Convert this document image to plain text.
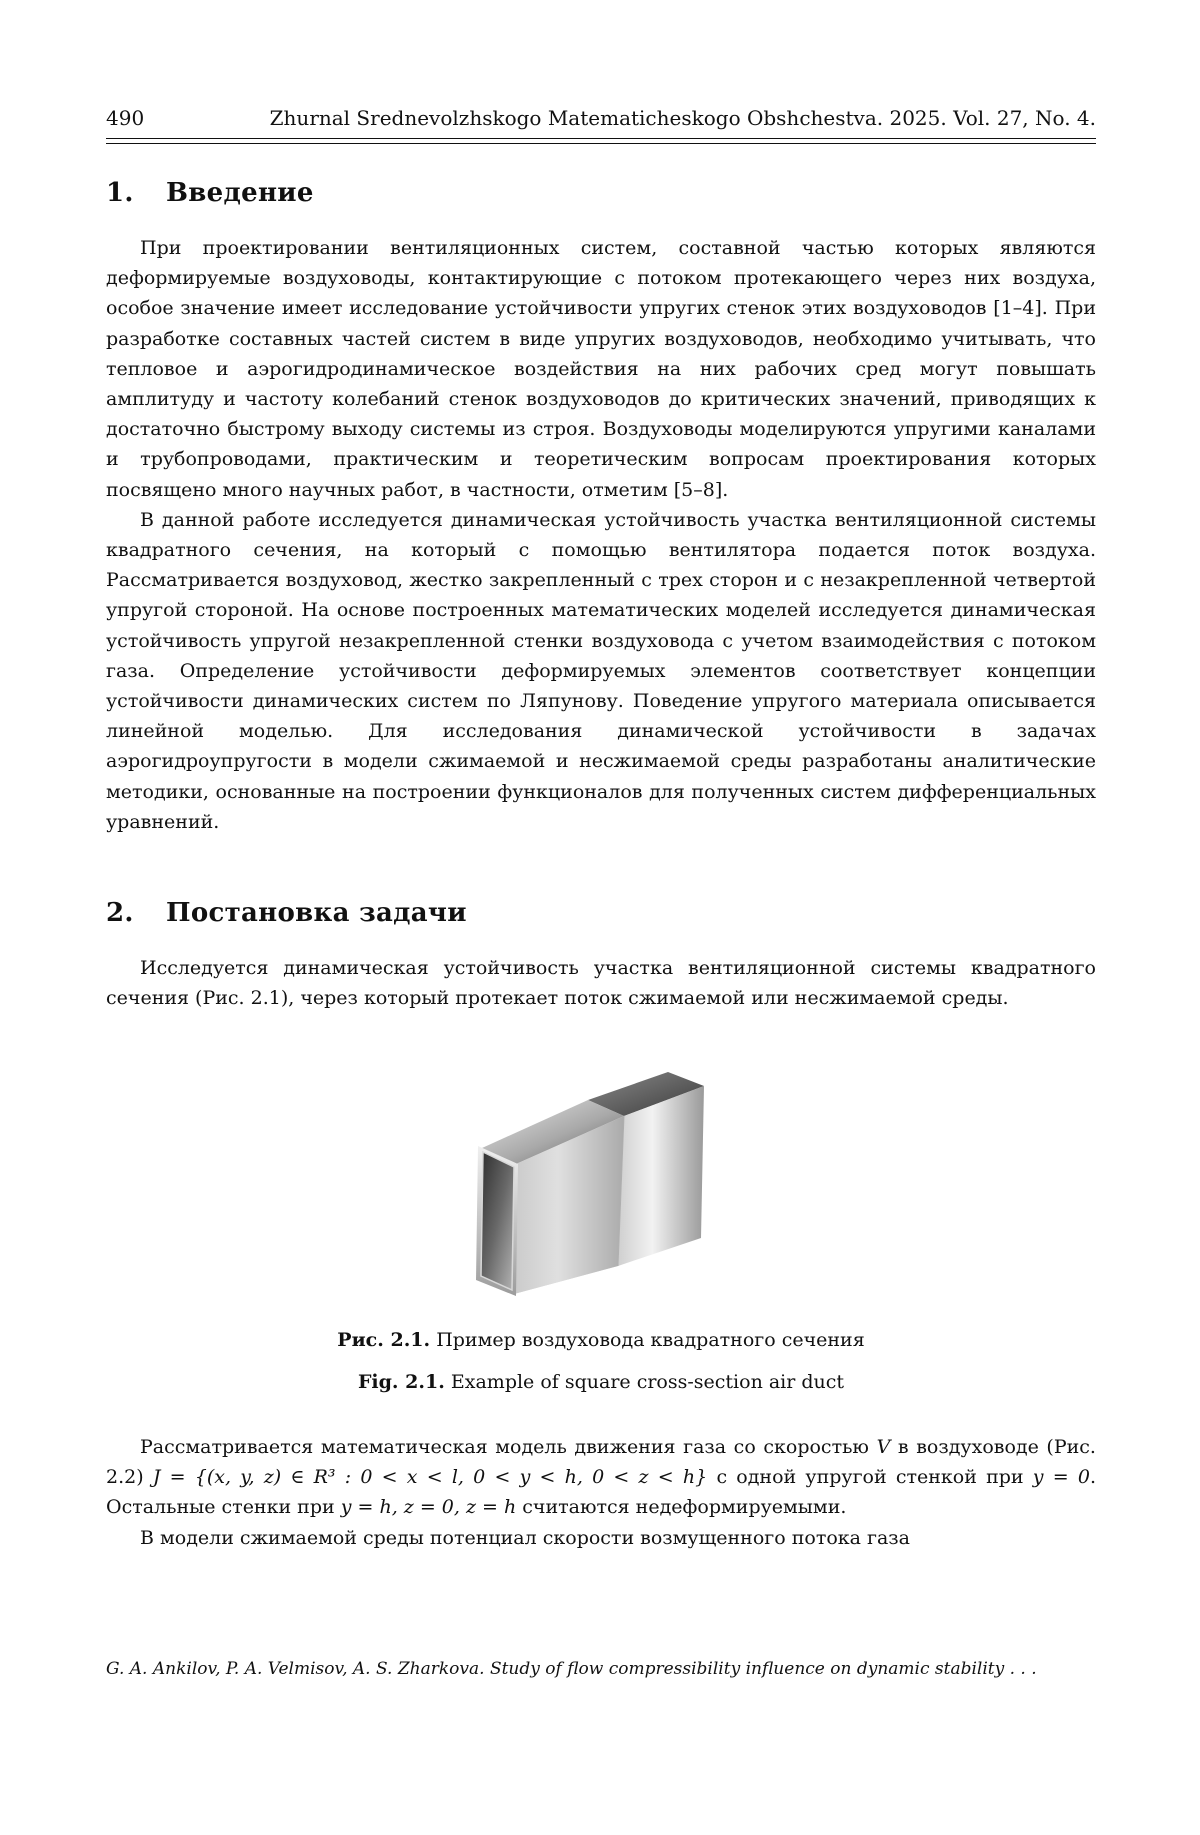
490	Zhurnal Srednevolzhskogo Matematicheskogo Obshchestva. 2025. Vol. 27, No. 4.
1. Введение

При проектировании вентиляционных систем, составной частью которых являются деформируемые воздуховоды, контактирующие с потоком протекающего через них воздуха, особое значение имеет исследование устойчивости упругих стенок этих воздуховодов [1–4]. При разработке составных частей систем в виде упругих воздуховодов, необходимо учитывать, что тепловое и аэрогидродинамическое воздействия на них рабочих сред могут повышать амплитуду и частоту колебаний стенок воздуховодов до критических значений, приводящих к достаточно быстрому выходу системы из строя. Воздуховоды моделируются упругими каналами и трубопроводами, практическим и теоретическим вопросам проектирования которых посвящено много научных работ, в частности, отметим [5–8].

В данной работе исследуется динамическая устойчивость участка вентиляционной системы квадратного сечения, на который с помощью вентилятора подается поток воздуха. Рассматривается воздуховод, жестко закрепленный с трех сторон и с незакрепленной четвертой упругой стороной. На основе построенных математических моделей исследуется динамическая устойчивость упругой незакрепленной стенки воздуховода с учетом взаимодействия с потоком газа. Определение устойчивости деформируемых элементов соответствует концепции устойчивости динамических систем по Ляпунову. Поведение упругого материала описывается линейной моделью. Для исследования динамической устойчивости в задачах аэрогидроупругости в модели сжимаемой и несжимаемой среды разработаны аналитические методики, основанные на построении функционалов для полученных систем дифференциальных уравнений.

2. Постановка задачи

Исследуется динамическая устойчивость участка вентиляционной системы квадратного сечения (Рис. 2.1), через который протекает поток сжимаемой или несжимаемой среды.

Рис. 2.1. Пример воздуховода квадратного сечения
Fig. 2.1. Example of square cross-section air duct

Рассматривается математическая модель движения газа со скоростью V в воздуховоде (Рис. 2.2) J = {(x, y, z) ∈ R³ : 0 < x < l, 0 < y < h, 0 < z < h} с одной упругой стенкой при y = 0. Остальные стенки при y = h, z = 0, z = h считаются недеформируемыми.

В модели сжимаемой среды потенциал скорости возмущенного потока газа

G. A. Ankilov, P. A. Velmisov, A. S. Zharkova. Study of flow compressibility influence on dynamic stability . . .
